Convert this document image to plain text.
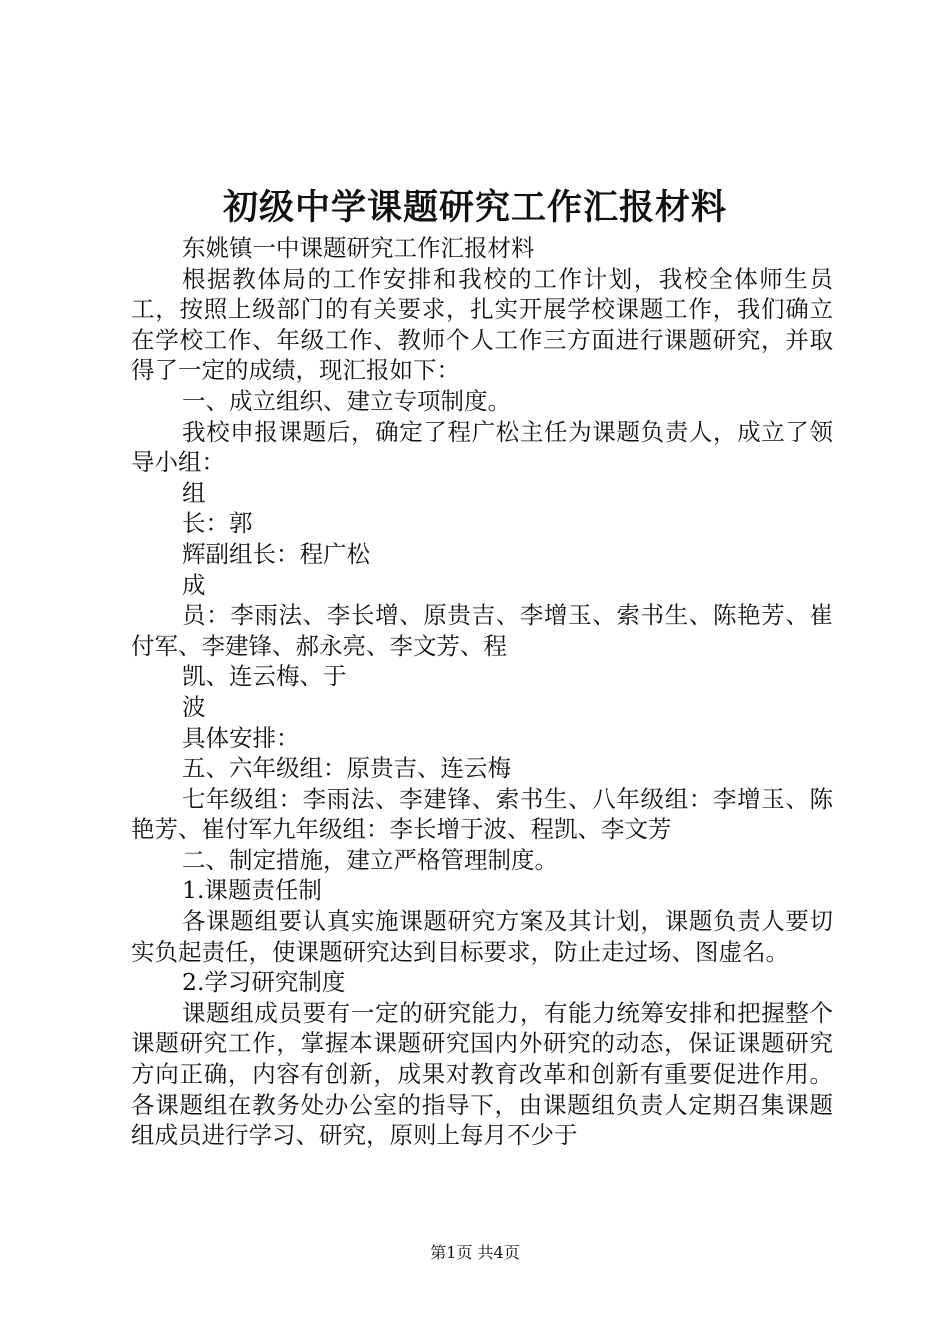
初级中学课题研究工作汇报材料

东姚镇一中课题研究工作汇报材料

根据教体局的工作安排和我校的工作计划，我校全体师生员工，按照上级部门的有关要求，扎实开展学校课题工作，我们确立在学校工作、年级工作、教师个人工作三方面进行课题研究，并取得了一定的成绩，现汇报如下：

一、成立组织、建立专项制度。

我校申报课题后，确定了程广松主任为课题负责人，成立了领导小组：

组

长：郭

辉副组长：程广松

成

员：李雨法、李长增、原贵吉、李增玉、索书生、陈艳芳、崔付军、李建锋、郝永亮、李文芳、程

凯、连云梅、于

波

具体安排：

五、六年级组：原贵吉、连云梅

七年级组：李雨法、李建锋、索书生、八年级组：李增玉、陈艳芳、崔付军九年级组：李长增于波、程凯、李文芳

二、制定措施，建立严格管理制度。

1.课题责任制

各课题组要认真实施课题研究方案及其计划，课题负责人要切实负起责任，使课题研究达到目标要求，防止走过场、图虚名。

2.学习研究制度

课题组成员要有一定的研究能力，有能力统筹安排和把握整个课题研究工作，掌握本课题研究国内外研究的动态，保证课题研究方向正确，内容有创新，成果对教育改革和创新有重要促进作用。各课题组在教务处办公室的指导下，由课题组负责人定期召集课题组成员进行学习、研究，原则上每月不少于

第1页 共4页
